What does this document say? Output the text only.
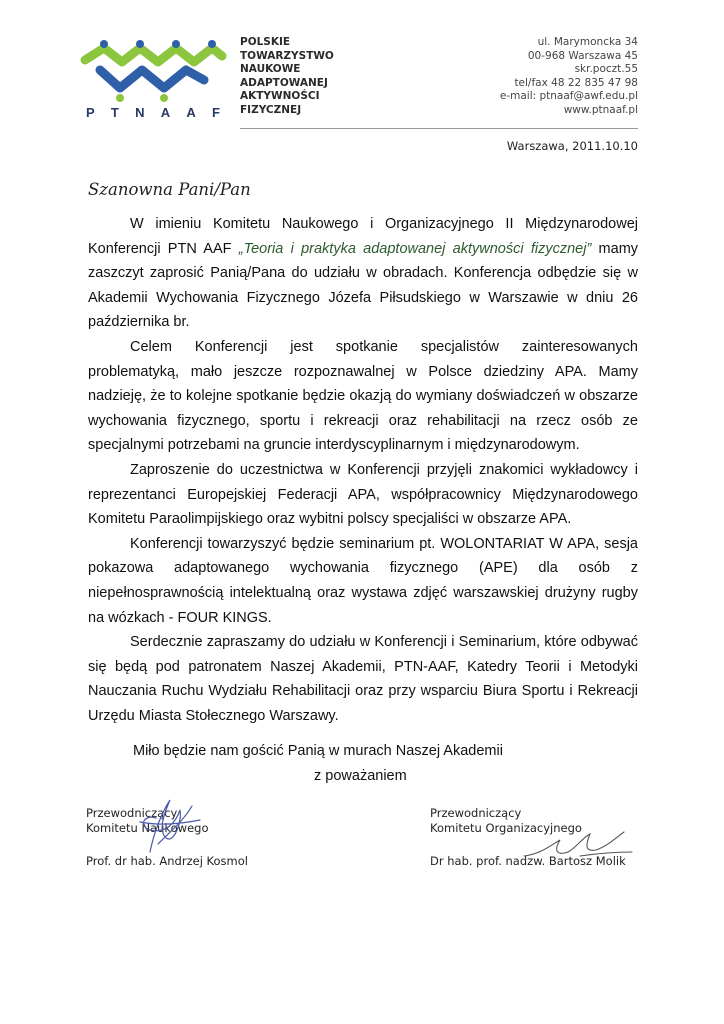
P T N A A F
POLSKIE
TOWARZYSTWO
NAUKOWE
ADAPTOWANEJ
AKTYWNOŚCI
FIZYCZNEJ
ul. Marymoncka 34
00-968 Warszawa 45
skr.poczt.55
tel/fax 48 22 835 47 98
e-mail: ptnaaf@awf.edu.pl
www.ptnaaf.pl
Warszawa, 2011.10.10
Szanowna Pani/Pan

W imieniu Komitetu Naukowego i Organizacyjnego II Międzynarodowej Konferencji PTN AAF „Teoria i praktyka adaptowanej aktywności fizycznej” mamy zaszczyt zaprosić Panią/Pana do udziału w obradach. Konferencja odbędzie się w Akademii Wychowania Fizycznego Józefa Piłsudskiego w Warszawie w dniu 26 października br.

Celem Konferencji jest spotkanie specjalistów zainteresowanych problematyką, mało jeszcze rozpoznawalnej w Polsce dziedziny APA. Mamy nadzieję, że to kolejne spotkanie będzie okazją do wymiany doświadczeń w obszarze wychowania fizycznego, sportu i rekreacji oraz rehabilitacji na rzecz osób ze specjalnymi potrzebami na gruncie interdyscyplinarnym i międzynarodowym.

Zaproszenie do uczestnictwa w Konferencji przyjęli znakomici wykładowcy i reprezentanci Europejskiej Federacji APA, współpracownicy Międzynarodowego Komitetu Paraolimpijskiego oraz wybitni polscy specjaliści w obszarze APA.

Konferencji towarzyszyć będzie seminarium pt. WOLONTARIAT W APA, sesja pokazowa adaptowanego wychowania fizycznego (APE) dla osób z niepełnosprawnością intelektualną oraz wystawa zdjęć warszawskiej drużyny rugby na wózkach - FOUR KINGS.

Serdecznie zapraszamy do udziału w Konferencji i Seminarium, które odbywać się będą pod patronatem Naszej Akademii, PTN-AAF, Katedry Teorii i Metodyki Nauczania Ruchu Wydziału Rehabilitacji oraz przy wsparciu Biura Sportu i Rekreacji Urzędu Miasta Stołecznego Warszawy.

Miło będzie nam gościć Panią w murach Naszej Akademii
z poważaniem
Przewodniczący
Komitetu Naukowego
Prof. dr hab. Andrzej Kosmol
Przewodniczący
Komitetu Organizacyjnego
Dr hab. prof. nadzw. Bartosz Molik
